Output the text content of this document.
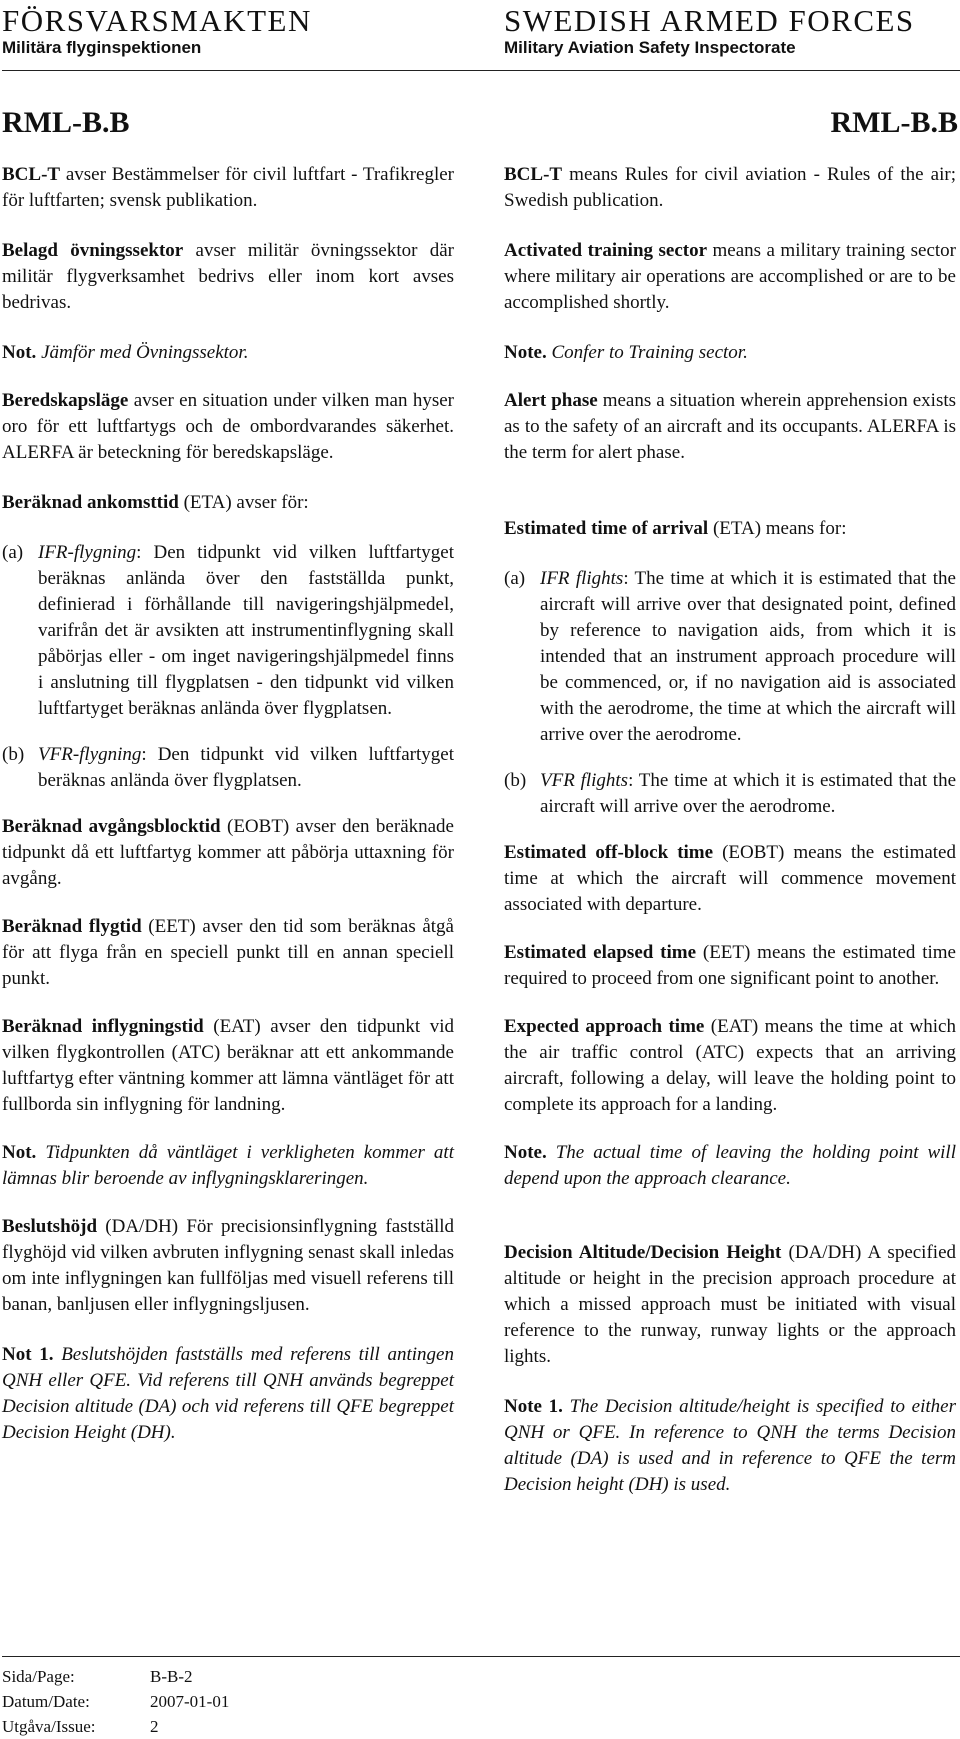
FÖRSVARSMAKTEN
Militära flyginspektionen
SWEDISH ARMED FORCES
Military Aviation Safety Inspectorate
RML-B.B	RML-B.B

BCL-T avser Bestämmelser för civil luftfart - Trafikregler för luftfarten; svensk publikation.

Belagd övningssektor avser militär övningssektor där militär flygverksamhet bedrivs eller inom kort avses bedrivas.

Not. Jämför med Övningssektor.

Beredskapsläge avser en situation under vilken man hyser oro för ett luftfartygs och de ombordvarandes säkerhet. ALERFA är beteckning för beredskapsläge.

Beräknad ankomsttid (ETA) avser för:

(a) IFR-flygning: Den tidpunkt vid vilken luftfartyget beräknas anlända över den fastställda punkt, definierad i förhållande till navigeringshjälpmedel, varifrån det är avsikten att instrumentinflygning skall påbörjas eller - om inget navigeringshjälpmedel finns i anslutning till flygplatsen - den tidpunkt vid vilken luftfartyget beräknas anlända över flygplatsen.
(b) VFR-flygning: Den tidpunkt vid vilken luftfartyget beräknas anlända över flygplatsen.

Beräknad avgångsblocktid (EOBT) avser den beräknade tidpunkt då ett luftfartyg kommer att påbörja uttaxning för avgång.

Beräknad flygtid (EET) avser den tid som beräknas åtgå för att flyga från en speciell punkt till en annan speciell punkt.

Beräknad inflygningstid (EAT) avser den tidpunkt vid vilken flygkontrollen (ATC) beräknar att ett ankommande luftfartyg efter väntning kommer att lämna väntläget för att fullborda sin inflygning för landning.

Not. Tidpunkten då väntläget i verkligheten kommer att lämnas blir beroende av inflygningsklareringen.

Beslutshöjd (DA/DH) För precisionsinflygning fastställd flyghöjd vid vilken avbruten inflygning senast skall inledas om inte inflygningen kan fullföljas med visuell referens till banan, banljusen eller inflygningsljusen.

Not 1. Beslutshöjden fastställs med referens till antingen QNH eller QFE. Vid referens till QNH används begreppet Decision altitude (DA) och vid referens till QFE begreppet Decision Height (DH).

BCL-T means Rules for civil aviation - Rules of the air; Swedish publication.

Activated training sector means a military training sector where military air operations are accomplished or are to be accomplished shortly.

Note. Confer to Training sector.

Alert phase means a situation wherein apprehension exists as to the safety of an aircraft and its occupants. ALERFA is the term for alert phase.

Estimated time of arrival (ETA) means for:

(a) IFR flights: The time at which it is estimated that the aircraft will arrive over that designated point, defined by reference to navigation aids, from which it is intended that an instrument approach procedure will be commenced, or, if no navigation aid is associated with the aerodrome, the time at which the aircraft will arrive over the aerodrome.
(b) VFR flights: The time at which it is estimated that the aircraft will arrive over the aerodrome.

Estimated off-block time (EOBT) means the estimated time at which the aircraft will commence movement associated with departure.

Estimated elapsed time (EET) means the estimated time required to proceed from one significant point to another.

Expected approach time (EAT) means the time at which the air traffic control (ATC) expects that an arriving aircraft, following a delay, will leave the holding point to complete its approach for a landing.

Note. The actual time of leaving the holding point will depend upon the approach clearance.

Decision Altitude/Decision Height (DA/DH) A specified altitude or height in the precision approach procedure at which a missed approach must be initiated with visual reference to the runway, runway lights or the approach lights.

Note 1. The Decision altitude/height is specified to either QNH or QFE. In reference to QNH the terms Decision altitude (DA) is used and in reference to QFE the term Decision height (DH) is used.

Sida/Page:	B-B-2
Datum/Date:	2007-01-01
Utgåva/Issue:	2
